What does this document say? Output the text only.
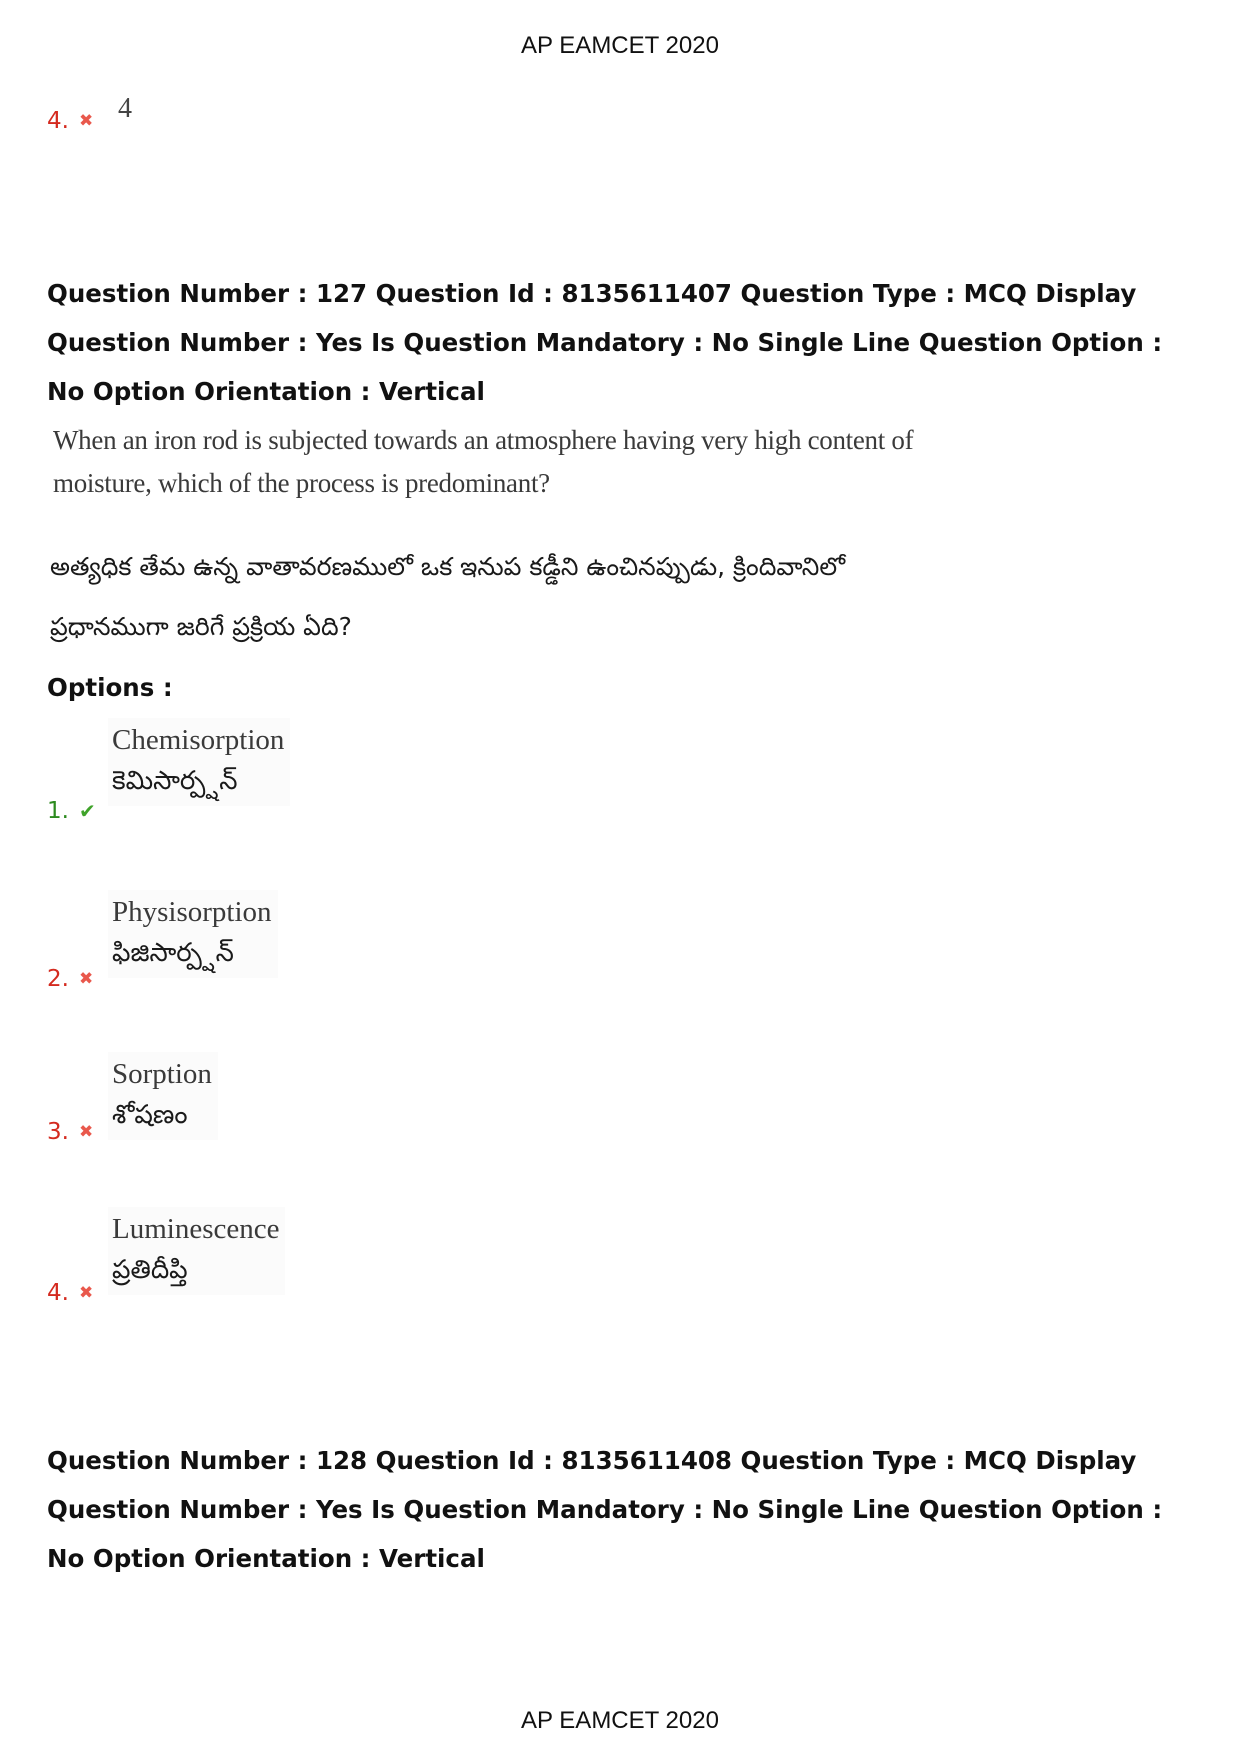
AP EAMCET 2020
4. ✖ 4
Question Number : 127 Question Id : 8135611407 Question Type : MCQ Display Question Number : Yes Is Question Mandatory : No Single Line Question Option : No Option Orientation : Vertical
When an iron rod is subjected towards an atmosphere having very high content of
moisture, which of the process is predominant?
అత్యధిక తేమ ఉన్న వాతావరణములో ఒక ఇనుప కడ్డీని ఉంచినప్పుడు, క్రిందివానిలో
ప్రధానముగా జరిగే ప్రక్రియ ఏది?
Options :
Chemisorption
కెమిసార్ప్షన్
1. ✔
Physisorption
ఫిజిసార్ప్షన్
2. ✖
Sorption
శోషణం
3. ✖
Luminescence
ప్రతిదీప్తి
4. ✖
Question Number : 128 Question Id : 8135611408 Question Type : MCQ Display Question Number : Yes Is Question Mandatory : No Single Line Question Option : No Option Orientation : Vertical
AP EAMCET 2020
